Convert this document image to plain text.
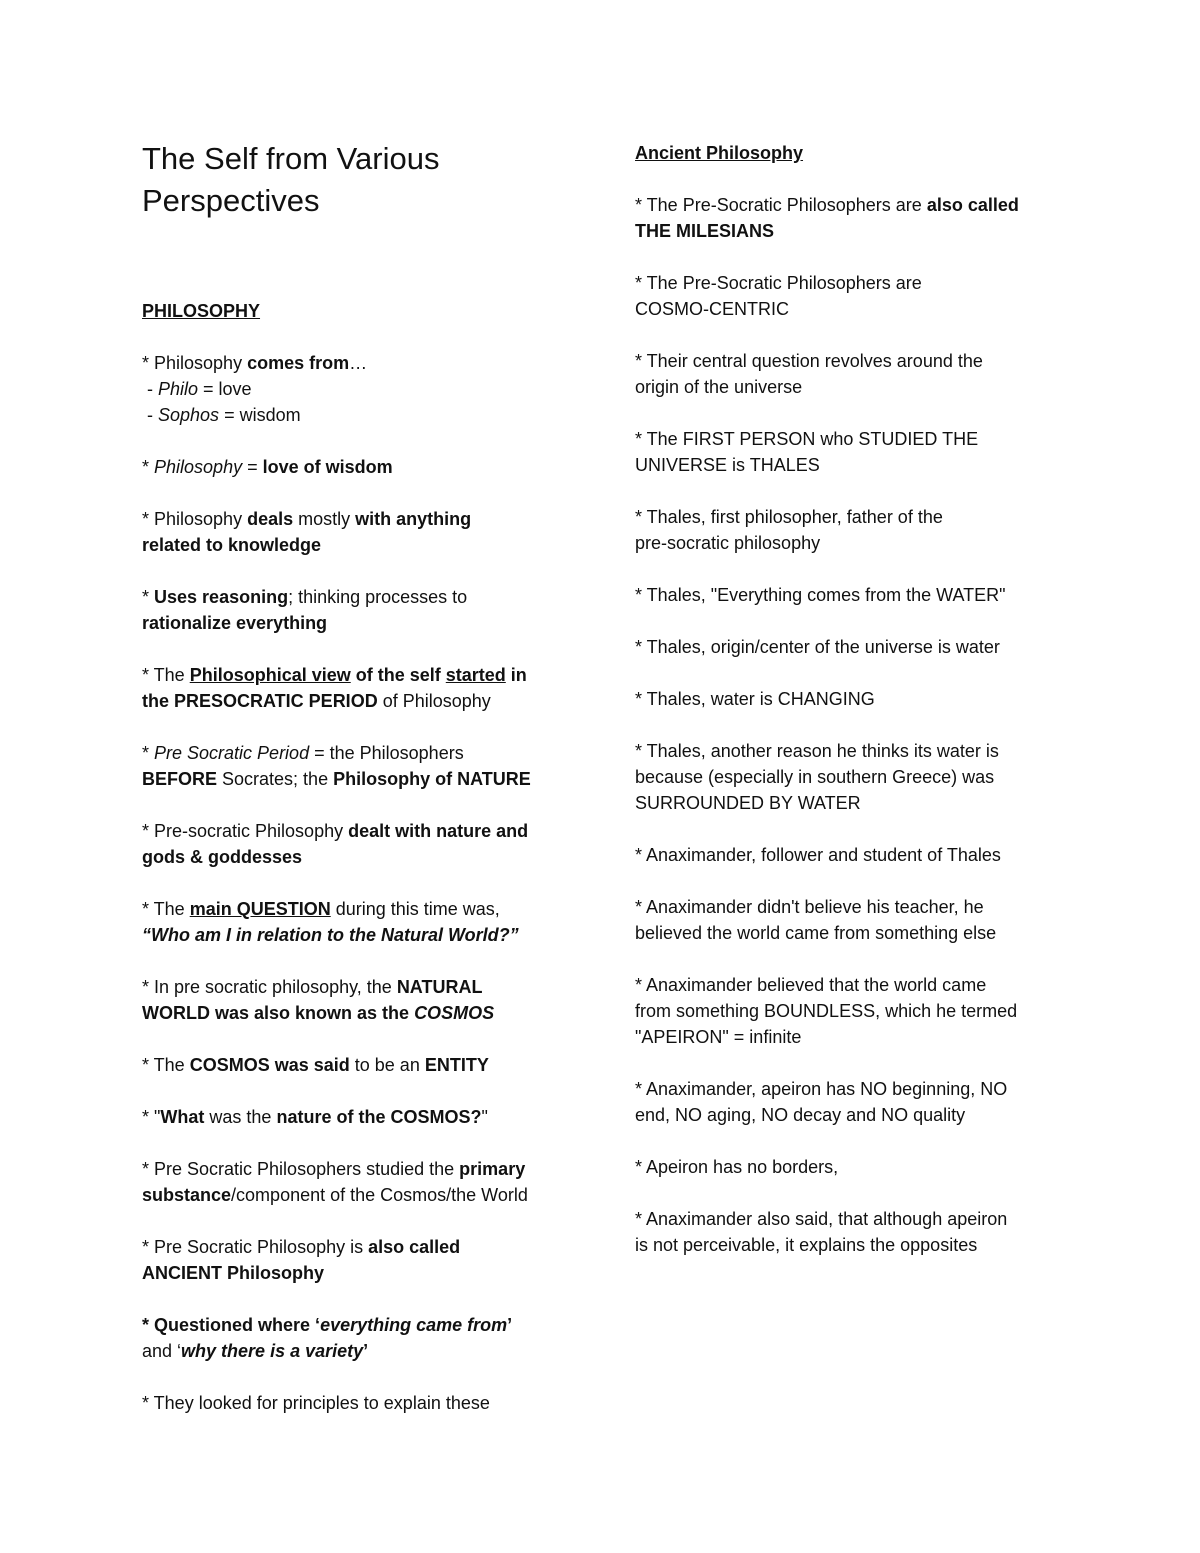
The Self from Various
Perspectives
PHILOSOPHY
* Philosophy comes from…
- Philo = love
- Sophos = wisdom
* Philosophy = love of wisdom
* Philosophy deals mostly with anything
related to knowledge
* Uses reasoning; thinking processes to
rationalize everything
* The Philosophical view of the self started in
the PRESOCRATIC PERIOD of Philosophy
* Pre Socratic Period = the Philosophers
BEFORE Socrates; the Philosophy of NATURE
* Pre-socratic Philosophy dealt with nature and
gods & goddesses
* The main QUESTION during this time was,
“Who am I in relation to the Natural World?”
* In pre socratic philosophy, the NATURAL
WORLD was also known as the COSMOS
* The COSMOS was said to be an ENTITY
* "What was the nature of the COSMOS?"
* Pre Socratic Philosophers studied the primary
substance/component of the Cosmos/the World
* Pre Socratic Philosophy is also called
ANCIENT Philosophy
* Questioned where ‘everything came from’
and ‘why there is a variety’
* They looked for principles to explain these
Ancient Philosophy
* The Pre-Socratic Philosophers are also called
THE MILESIANS
* The Pre-Socratic Philosophers are
COSMO-CENTRIC
* Their central question revolves around the
origin of the universe
* The FIRST PERSON who STUDIED THE
UNIVERSE is THALES
* Thales, first philosopher, father of the
pre-socratic philosophy
* Thales, "Everything comes from the WATER"
* Thales, origin/center of the universe is water
* Thales, water is CHANGING
* Thales, another reason he thinks its water is
because (especially in southern Greece) was
SURROUNDED BY WATER
* Anaximander, follower and student of Thales
* Anaximander didn't believe his teacher, he
believed the world came from something else
* Anaximander believed that the world came
from something BOUNDLESS, which he termed
"APEIRON" = infinite
* Anaximander, apeiron has NO beginning, NO
end, NO aging, NO decay and NO quality
* Apeiron has no borders,
* Anaximander also said, that although apeiron
is not perceivable, it explains the opposites
